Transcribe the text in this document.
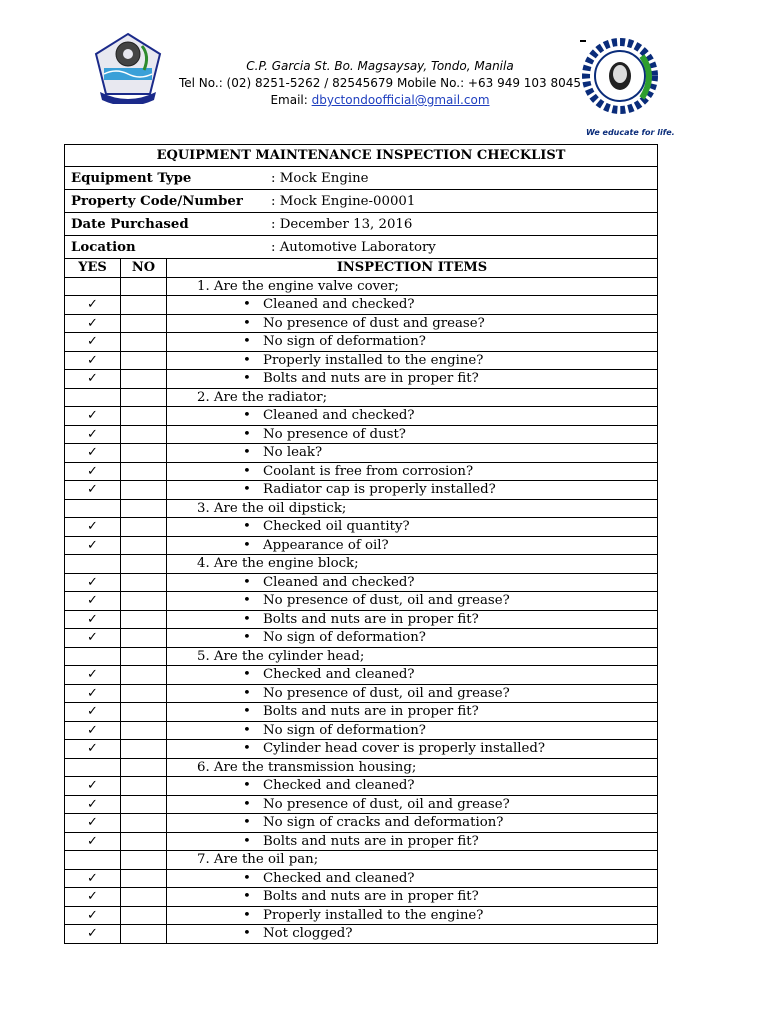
C.P. Garcia St. Bo. Magsaysay, Tondo, Manila
Tel No.: (02) 8251-5262 / 82545679 Mobile No.: +63 949 103 8045
Email: dbyctondoofficial@gmail.com
We educate for life.
EQUIPMENT MAINTENANCE INSPECTION CHECKLIST		

Equipment Type : Mock Engine		

Property Code/Number : Mock Engine-00001		

Date Purchased : December 13, 2016		

Location : Automotive Laboratory		

YES	NO	INSPECTION ITEMS
		1. Are the engine valve cover;
✓		• Cleaned and checked?
✓		• No presence of dust and grease?
✓		• No sign of deformation?
✓		• Properly installed to the engine?
✓		• Bolts and nuts are in proper fit?
		2. Are the radiator;
✓		• Cleaned and checked?
✓		• No presence of dust?
✓		• No leak?
✓		• Coolant is free from corrosion?
✓		• Radiator cap is properly installed?
		3. Are the oil dipstick;
✓		• Checked oil quantity?
✓		• Appearance of oil?
		4. Are the engine block;
✓		• Cleaned and checked?
✓		• No presence of dust, oil and grease?
✓		• Bolts and nuts are in proper fit?
✓		• No sign of deformation?
		5. Are the cylinder head;
✓		• Checked and cleaned?
✓		• No presence of dust, oil and grease?
✓		• Bolts and nuts are in proper fit?
✓		• No sign of deformation?
✓		• Cylinder head cover is properly installed?
		6. Are the transmission housing;
✓		• Checked and cleaned?
✓		• No presence of dust, oil and grease?
✓		• No sign of cracks and deformation?
✓		• Bolts and nuts are in proper fit?
		7. Are the oil pan;
✓		• Checked and cleaned?
✓		• Bolts and nuts are in proper fit?
✓		• Properly installed to the engine?
✓		• Not clogged?
